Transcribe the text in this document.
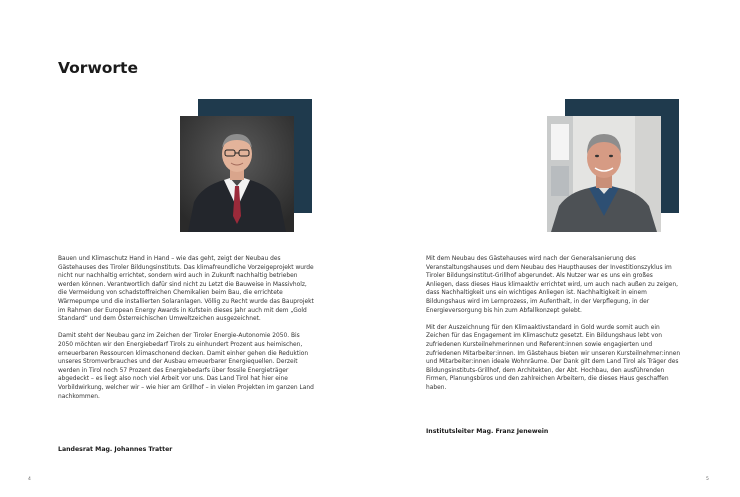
Vorworte

Bauen und Klimaschutz Hand in Hand – wie das geht, zeigt der Neubau des Gästehauses des Tiroler Bildungsinstituts. Das klimafreundliche Vorzeigeprojekt wurde nicht nur nachhaltig errichtet, sondern wird auch in Zukunft nachhaltig betrieben werden können. Verantwortlich dafür sind nicht zu Letzt die Bauweise in Massivholz, die Vermeidung von schadstoffreichen Chemikalien beim Bau, die errichtete Wärmepumpe und die installierten Solaranlagen. Völlig zu Recht wurde das Bauprojekt im Rahmen der European Energy Awards in Kufstein dieses Jahr auch mit dem „Gold Standard“ und dem Österreichischen Umweltzeichen ausgezeichnet.

Damit steht der Neubau ganz im Zeichen der Tiroler Energie-Autonomie 2050. Bis 2050 möchten wir den Energiebedarf Tirols zu einhundert Prozent aus heimischen, erneuerbaren Ressourcen klimaschonend decken. Damit einher gehen die Reduktion unseres Stromverbrauches und der Ausbau erneuerbarer Energiequellen. Derzeit werden in Tirol noch 57 Prozent des Energiebedarfs über fossile Energieträger abgedeckt – es liegt also noch viel Arbeit vor uns. Das Land Tirol hat hier eine Vorbildwirkung, welcher wir – wie hier am Grillhof – in vielen Projekten im ganzen Land nachkommen.

Landesrat Mag. Johannes Tratter
4

Mit dem Neubau des Gästehauses wird nach der Generalsanierung des Veranstaltungshauses und dem Neubau des Haupthauses der Investitionszyklus im Tiroler Bildungsinstitut-Grillhof abgerundet. Als Nutzer war es uns ein großes Anliegen, dass dieses Haus klimaaktiv errichtet wird, um auch nach außen zu zeigen, dass Nachhaltigkeit uns ein wichtiges Anliegen ist. Nachhaltigkeit in einem Bildungshaus wird im Lernprozess, im Aufenthalt, in der Verpflegung, in der Energieversorgung bis hin zum Abfallkonzept gelebt.

Mit der Auszeichnung für den Klimaaktivstandard in Gold wurde somit auch ein Zeichen für das Engagement im Klimaschutz gesetzt. Ein Bildungshaus lebt von zufriedenen Kursteilnehmerinnen und Referent:innen sowie engagierten und zufriedenen Mitarbeiter:innen. Im Gästehaus bieten wir unseren Kursteilnehmer:innen und Mitarbeiter:innen ideale Wohnräume. Der Dank gilt dem Land Tirol als Träger des Bildungsinstituts-Grillhof, dem Architekten, der Abt. Hochbau, den ausführenden Firmen, Planungsbüros und den zahlreichen Arbeitern, die dieses Haus geschaffen haben.

Institutsleiter Mag. Franz Jenewein
5
